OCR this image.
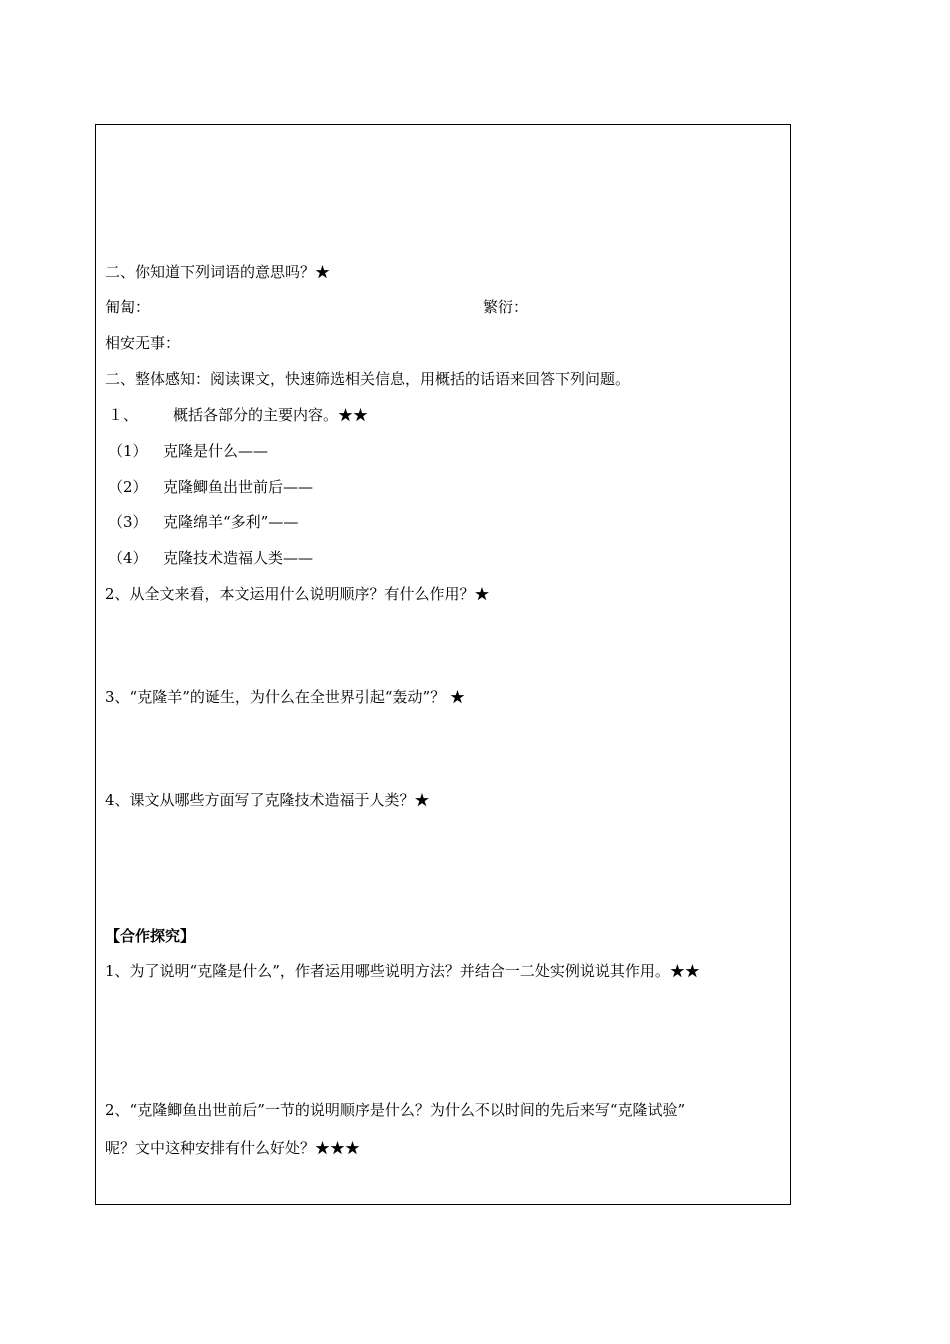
二、你知道下列词语的意思吗？★
匍匐：	繁衍：
相安无事：
二、整体感知：阅读课文，快速筛选相关信息，用概括的话语来回答下列问题。
１、 概括各部分的主要内容。★★
（1） 克隆是什么——
（2） 克隆鲫鱼出世前后——
（3） 克隆绵羊“多利”——
（4） 克隆技术造福人类——
2、从全文来看，本文运用什么说明顺序？有什么作用？★
3、“克隆羊”的诞生，为什么在全世界引起“轰动”？ ★
4、课文从哪些方面写了克隆技术造福于人类？★
【合作探究】
1、为了说明“克隆是什么”，作者运用哪些说明方法？并结合一二处实例说说其作用。★★
2、“克隆鲫鱼出世前后”一节的说明顺序是什么？为什么不以时间的先后来写“克隆试验”
呢？文中这种安排有什么好处？★★★
